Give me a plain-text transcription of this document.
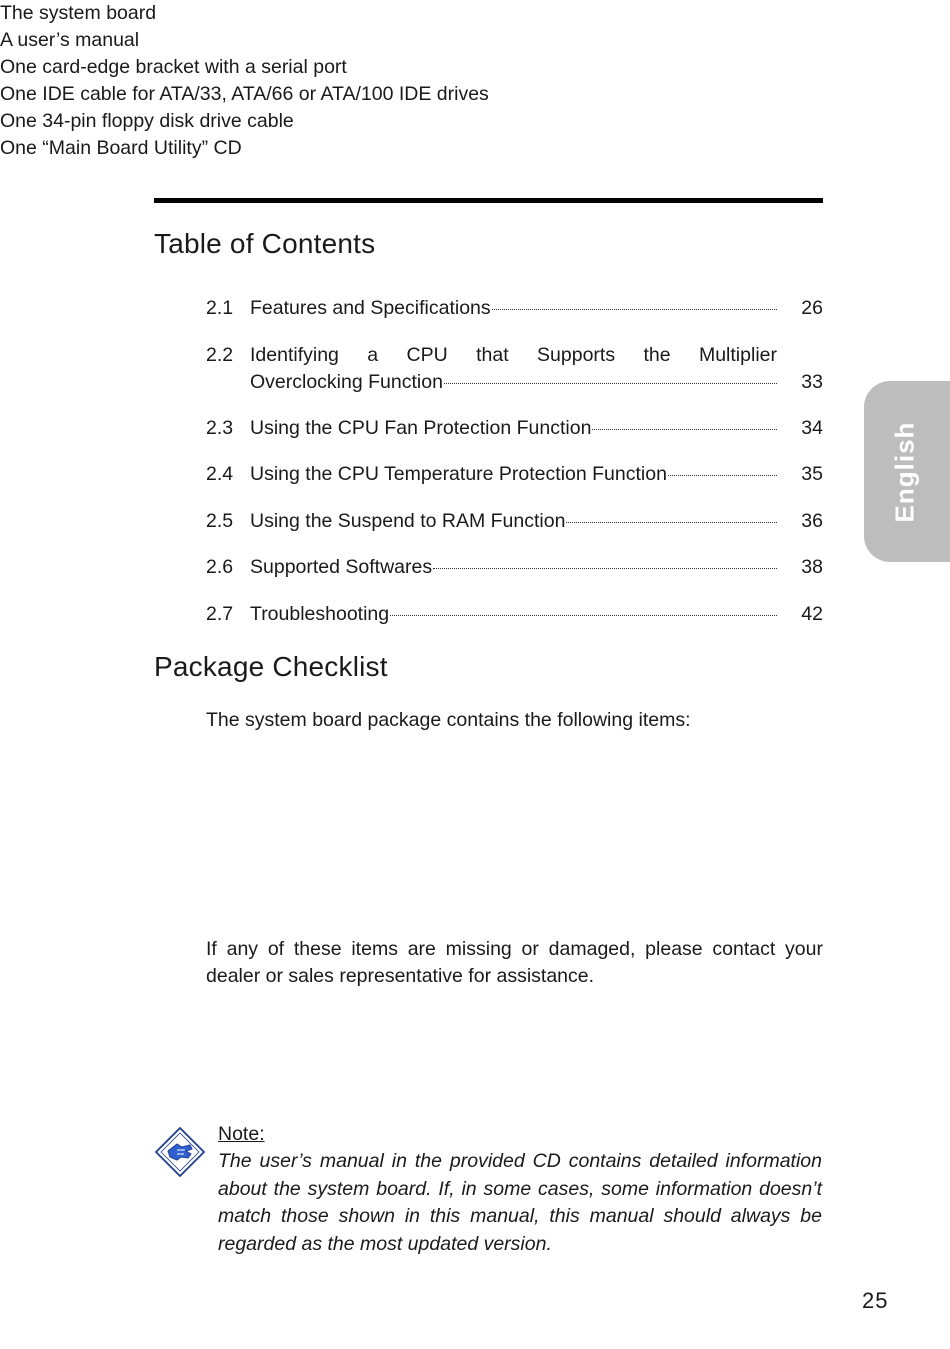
Table of Contents
2.1 Features and Specifications	26
2.2 Identifying a CPU that Supports the Multiplier
Overclocking Function	33
2.3 Using the CPU Fan Protection Function	34
2.4 Using the CPU Temperature Protection Function	35
2.5 Using the Suspend to RAM Function	36
2.6 Supported Softwares	38
2.7 Troubleshooting	42
Package Checklist
The system board package contains the following items:
The system board
A user’s manual
One card-edge bracket with a serial port
One IDE cable for ATA/33, ATA/66 or ATA/100 IDE drives
One 34-pin floppy disk drive cable
One “Main Board Utility” CD
If any of these items are missing or damaged, please contact your dealer or sales representative for assistance.
Note:
The user’s manual in the provided CD contains detailed information about the system board. If, in some cases, some information doesn’t match those shown in this manual, this manual should always be regarded as the most updated version.
English
25
